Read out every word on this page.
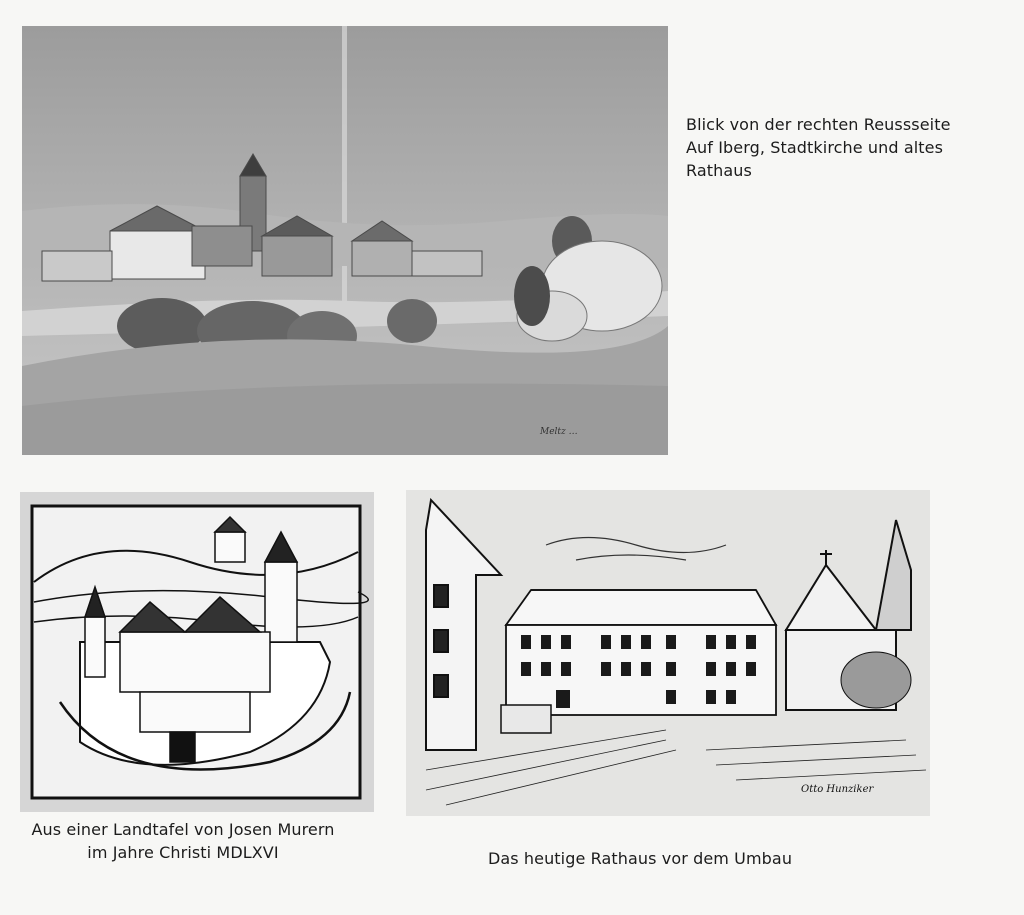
Meltz …
Blick von der rechten Reussseite
Auf Iberg, Stadtkirche und altes
Rathaus
Aus einer Landtafel von Josen Murern
im Jahre Christi MDLXVI
Otto Hunziker
Das heutige Rathaus vor dem Umbau
